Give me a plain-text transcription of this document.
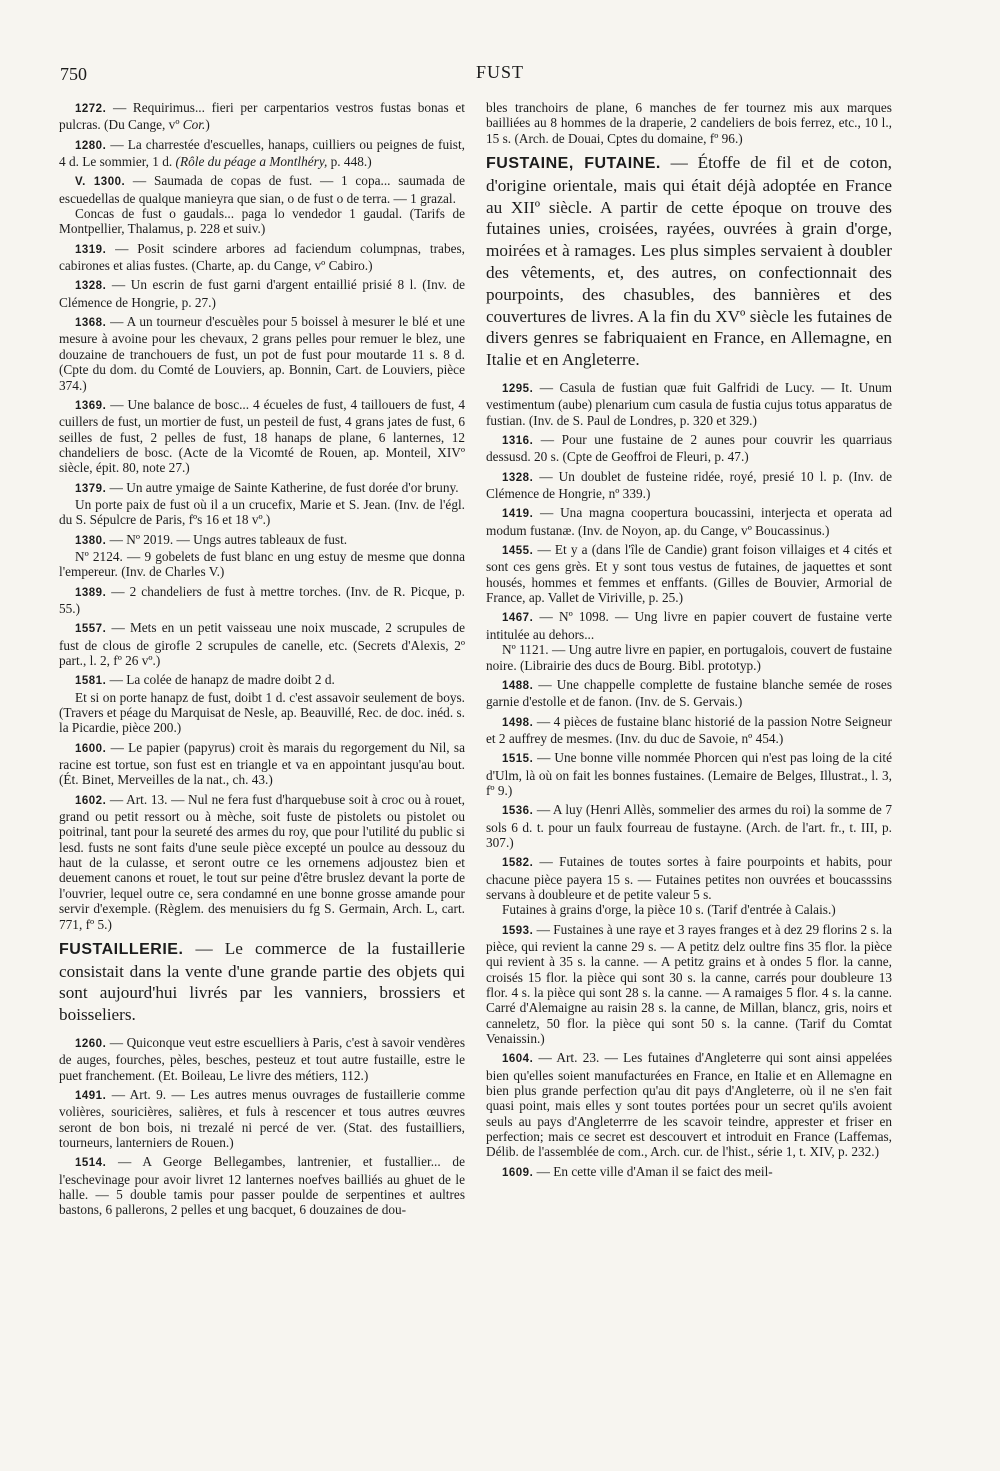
750	FUST

1272. — Requirimus... fieri per carpentarios vestros fustas bonas et pulcras. (Du Cange, vº Cor.)

1280. — La charrestée d'escuelles, hanaps, cuilliers ou peignes de fuist, 4 d. Le sommier, 1 d. (Rôle du péage a Montlhéry, p. 448.)

V. 1300. — Saumada de copas de fust. — 1 copa... saumada de escuedellas de qualque manieyra que sian, o de fust o de terra. — 1 grazal.

Concas de fust o gaudals... paga lo vendedor 1 gaudal. (Tarifs de Montpellier, Thalamus, p. 228 et suiv.)

1319. — Posit scindere arbores ad faciendum columpnas, trabes, cabirones et alias fustes. (Charte, ap. du Cange, vº Cabiro.)

1328. — Un escrin de fust garni d'argent entaillié prisié 8 l. (Inv. de Clémence de Hongrie, p. 27.)

1368. — A un tourneur d'escuèles pour 5 boissel à mesurer le blé et une mesure à avoine pour les chevaux, 2 grans pelles pour remuer le blez, une douzaine de tranchouers de fust, un pot de fust pour moutarde 11 s. 8 d. (Cpte du dom. du Comté de Louviers, ap. Bonnin, Cart. de Louviers, pièce 374.)

1369. — Une balance de bosc... 4 écueles de fust, 4 taillouers de fust, 4 cuillers de fust, un mortier de fust, un pesteil de fust, 4 grans jates de fust, 6 seilles de fust, 2 pelles de fust, 18 hanaps de plane, 6 lanternes, 12 chandeliers de bosc. (Acte de la Vicomté de Rouen, ap. Monteil, XIVº siècle, épit. 80, note 27.)

1379. — Un autre ymaige de Sainte Katherine, de fust dorée d'or bruny.

Un porte paix de fust où il a un crucefix, Marie et S. Jean. (Inv. de l'égl. du S. Sépulcre de Paris, fºs 16 et 18 vº.)

1380. — Nº 2019. — Ungs autres tableaux de fust.

Nº 2124. — 9 gobelets de fust blanc en ung estuy de mesme que donna l'empereur. (Inv. de Charles V.)

1389. — 2 chandeliers de fust à mettre torches. (Inv. de R. Picque, p. 55.)

1557. — Mets en un petit vaisseau une noix muscade, 2 scrupules de fust de clous de girofle 2 scrupules de canelle, etc. (Secrets d'Alexis, 2º part., l. 2, fº 26 vº.)

1581. — La colée de hanapz de madre doibt 2 d.

Et si on porte hanapz de fust, doibt 1 d. c'est assavoir seulement de boys. (Travers et péage du Marquisat de Nesle, ap. Beauvillé, Rec. de doc. inéd. s. la Picardie, pièce 200.)

1600. — Le papier (papyrus) croit ès marais du regorgement du Nil, sa racine est tortue, son fust est en triangle et va en appointant jusqu'au bout. (Ét. Binet, Merveilles de la nat., ch. 43.)

1602. — Art. 13. — Nul ne fera fust d'harquebuse soit à croc ou à rouet, grand ou petit ressort ou à mèche, soit fuste de pistolets ou pistolet ou poitrinal, tant pour la seureté des armes du roy, que pour l'utilité du public si lesd. fusts ne sont faits d'une seule pièce excepté un poulce au dessouz du haut de la culasse, et seront outre ce les ornemens adjoustez bien et deuement canons et rouet, le tout sur peine d'être bruslez devant la porte de l'ouvrier, lequel outre ce, sera condamné en une bonne grosse amande pour servir d'exemple. (Règlem. des menuisiers du fg S. Germain, Arch. L, cart. 771, fº 5.)

FUSTAILLERIE. — Le commerce de la fustaillerie consistait dans la vente d'une grande partie des objets qui sont aujourd'hui livrés par les vanniers, brossiers et boisseliers.

1260. — Quiconque veut estre escuelliers à Paris, c'est à savoir vendères de auges, fourches, pèles, besches, pesteuz et tout autre fustaille, estre le puet franchement. (Et. Boileau, Le livre des métiers, 112.)

1491. — Art. 9. — Les autres menus ouvrages de fustaillerie comme volières, souricières, salières, et fuls à rescencer et tous autres œuvres seront de bon bois, ni trezalé ni percé de ver. (Stat. des fustailliers, tourneurs, lanterniers de Rouen.)

1514. — A George Bellegambes, lantrenier, et fustallier... de l'eschevinage pour avoir livret 12 lanternes noefves bailliés au ghuet de le halle. — 5 double tamis pour passer poulde de serpentines et aultres bastons, 6 pallerons, 2 pelles et ung bacquet, 6 douzaines de dou-

bles tranchoirs de plane, 6 manches de fer tournez mis aux marques bailliées au 8 hommes de la draperie, 2 candeliers de bois ferrez, etc., 10 l., 15 s. (Arch. de Douai, Cptes du domaine, fº 96.)

FUSTAINE, FUTAINE. — Étoffe de fil et de coton, d'origine orientale, mais qui était déjà adoptée en France au XIIº siècle. A partir de cette époque on trouve des futaines unies, croisées, rayées, ouvrées à grain d'orge, moirées et à ramages. Les plus simples servaient à doubler des vêtements, et, des autres, on confectionnait des pourpoints, des chasubles, des bannières et des couvertures de livres. A la fin du XVº siècle les futaines de divers genres se fabriquaient en France, en Allemagne, en Italie et en Angleterre.

1295. — Casula de fustian quæ fuit Galfridi de Lucy. — It. Unum vestimentum (aube) plenarium cum casula de fustia cujus totus apparatus de fustian. (Inv. de S. Paul de Londres, p. 320 et 329.)

1316. — Pour une fustaine de 2 aunes pour couvrir les quarriaus dessusd. 20 s. (Cpte de Geoffroi de Fleuri, p. 47.)

1328. — Un doublet de fusteine ridée, royé, presié 10 l. p. (Inv. de Clémence de Hongrie, nº 339.)

1419. — Una magna coopertura boucassini, interjecta et operata ad modum fustanæ. (Inv. de Noyon, ap. du Cange, vº Boucassinus.)

1455. — Et y a (dans l'île de Candie) grant foison villaiges et 4 cités et sont ces gens grès. Et y sont tous vestus de futaines, de jaquettes et sont housés, hommes et femmes et enffants. (Gilles de Bouvier, Armorial de France, ap. Vallet de Viriville, p. 25.)

1467. — Nº 1098. — Ung livre en papier couvert de fustaine verte intitulée au dehors...

Nº 1121. — Ung autre livre en papier, en portugalois, couvert de fustaine noire. (Librairie des ducs de Bourg. Bibl. prototyp.)

1488. — Une chappelle complette de fustaine blanche semée de roses garnie d'estolle et de fanon. (Inv. de S. Gervais.)

1498. — 4 pièces de fustaine blanc historié de la passion Notre Seigneur et 2 auffrey de mesmes. (Inv. du duc de Savoie, nº 454.)

1515. — Une bonne ville nommée Phorcen qui n'est pas loing de la cité d'Ulm, là où on fait les bonnes fustaines. (Lemaire de Belges, Illustrat., l. 3, fº 9.)

1536. — A luy (Henri Allès, sommelier des armes du roi) la somme de 7 sols 6 d. t. pour un faulx fourreau de fustayne. (Arch. de l'art. fr., t. III, p. 307.)

1582. — Futaines de toutes sortes à faire pourpoints et habits, pour chacune pièce payera 15 s. — Futaines petites non ouvrées et boucasssins servans à doubleure et de petite valeur 5 s.

Futaines à grains d'orge, la pièce 10 s. (Tarif d'entrée à Calais.)

1593. — Fustaines à une raye et 3 rayes franges et à dez 29 florins 2 s. la pièce, qui revient la canne 29 s. — A petitz delz oultre fins 35 flor. la pièce qui revient à 35 s. la canne. — A petitz grains et à ondes 5 flor. la canne, croisés 15 flor. la pièce qui sont 30 s. la canne, carrés pour doubleure 13 flor. 4 s. la pièce qui sont 28 s. la canne. — A ramaiges 5 flor. 4 s. la canne. Carré d'Alemaigne au raisin 28 s. la canne, de Millan, blancz, gris, noirs et canneletz, 50 flor. la pièce qui sont 50 s. la canne. (Tarif du Comtat Venaissin.)

1604. — Art. 23. — Les futaines d'Angleterre qui sont ainsi appelées bien qu'elles soient manufacturées en France, en Italie et en Allemagne en bien plus grande perfection qu'au dit pays d'Angleterre, où il ne s'en fait quasi point, mais elles y sont toutes portées pour un secret qu'ils avoient seuls au pays d'Angleterrre de les scavoir teindre, apprester et friser en perfection; mais ce secret est descouvert et introduit en France (Laffemas, Délib. de l'assemblée de com., Arch. cur. de l'hist., série 1, t. XIV, p. 232.)

1609. — En cette ville d'Aman il se faict des meil-
